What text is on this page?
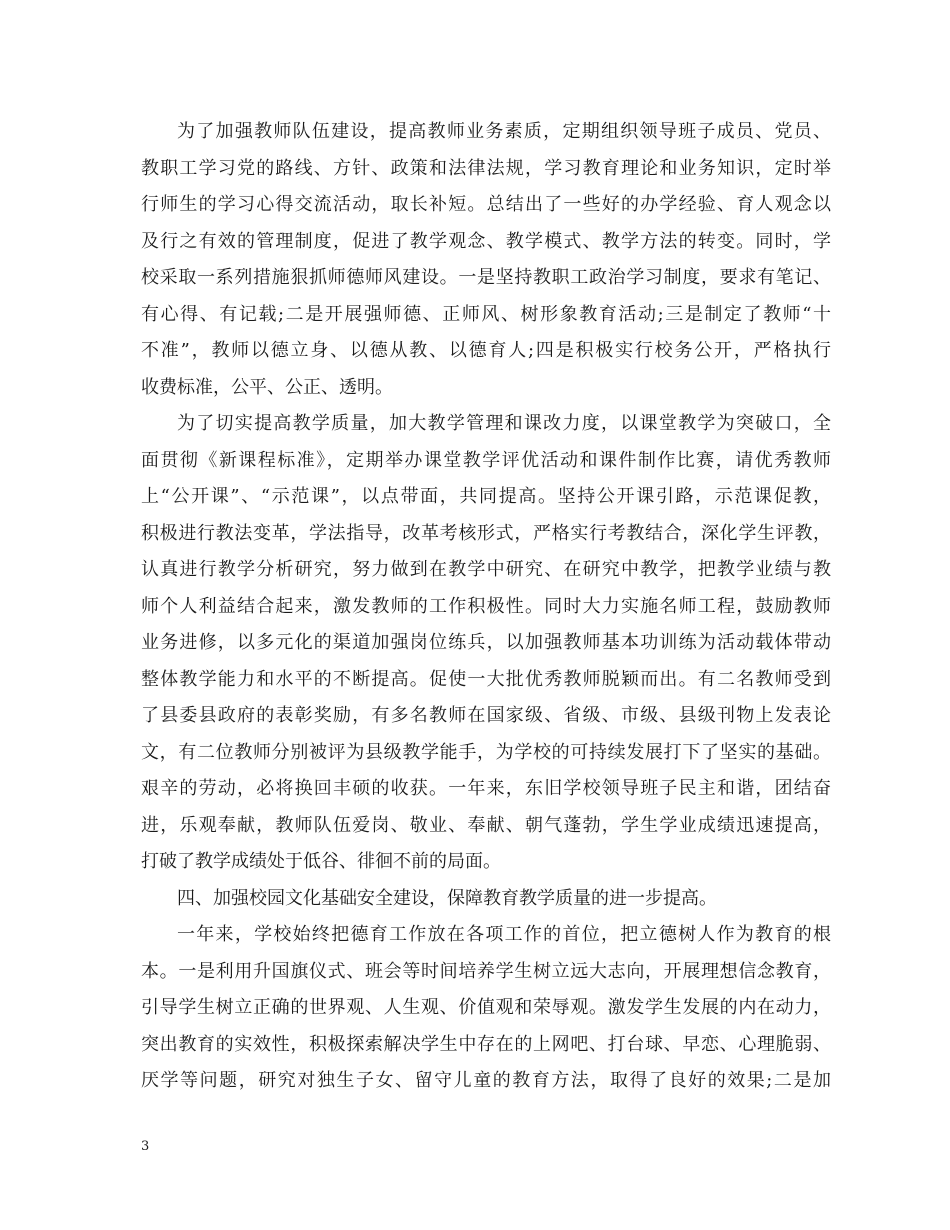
为了加强教师队伍建设，提高教师业务素质，定期组织领导班子成员、党员、
教职工学习党的路线、方针、政策和法律法规，学习教育理论和业务知识，定时举
行师生的学习心得交流活动，取长补短。总结出了一些好的办学经验、育人观念以
及行之有效的管理制度，促进了教学观念、教学模式、教学方法的转变。同时，学
校采取一系列措施狠抓师德师风建设。一是坚持教职工政治学习制度，要求有笔记、
有心得、有记载;二是开展强师德、正师风、树形象教育活动;三是制定了教师“十
不准”，教师以德立身、以德从教、以德育人;四是积极实行校务公开，严格执行
收费标准，公平、公正、透明。
为了切实提高教学质量，加大教学管理和课改力度，以课堂教学为突破口，全
面贯彻《新课程标准》，定期举办课堂教学评优活动和课件制作比赛，请优秀教师
上“公开课”、“示范课”，以点带面，共同提高。坚持公开课引路，示范课促教，
积极进行教法变革，学法指导，改革考核形式，严格实行考教结合，深化学生评教，
认真进行教学分析研究，努力做到在教学中研究、在研究中教学，把教学业绩与教
师个人利益结合起来，激发教师的工作积极性。同时大力实施名师工程，鼓励教师
业务进修，以多元化的渠道加强岗位练兵，以加强教师基本功训练为活动载体带动
整体教学能力和水平的不断提高。促使一大批优秀教师脱颖而出。有二名教师受到
了县委县政府的表彰奖励，有多名教师在国家级、省级、市级、县级刊物上发表论
文，有二位教师分别被评为县级教学能手，为学校的可持续发展打下了坚实的基础。
艰辛的劳动，必将换回丰硕的收获。一年来，东旧学校领导班子民主和谐，团结奋
进，乐观奉献，教师队伍爱岗、敬业、奉献、朝气蓬勃，学生学业成绩迅速提高，
打破了教学成绩处于低谷、徘徊不前的局面。
四、加强校园文化基础安全建设，保障教育教学质量的进一步提高。
一年来，学校始终把德育工作放在各项工作的首位，把立德树人作为教育的根
本。一是利用升国旗仪式、班会等时间培养学生树立远大志向，开展理想信念教育，
引导学生树立正确的世界观、人生观、价值观和荣辱观。激发学生发展的内在动力，
突出教育的实效性，积极探索解决学生中存在的上网吧、打台球、早恋、心理脆弱、
厌学等问题，研究对独生子女、留守儿童的教育方法，取得了良好的效果;二是加
3
